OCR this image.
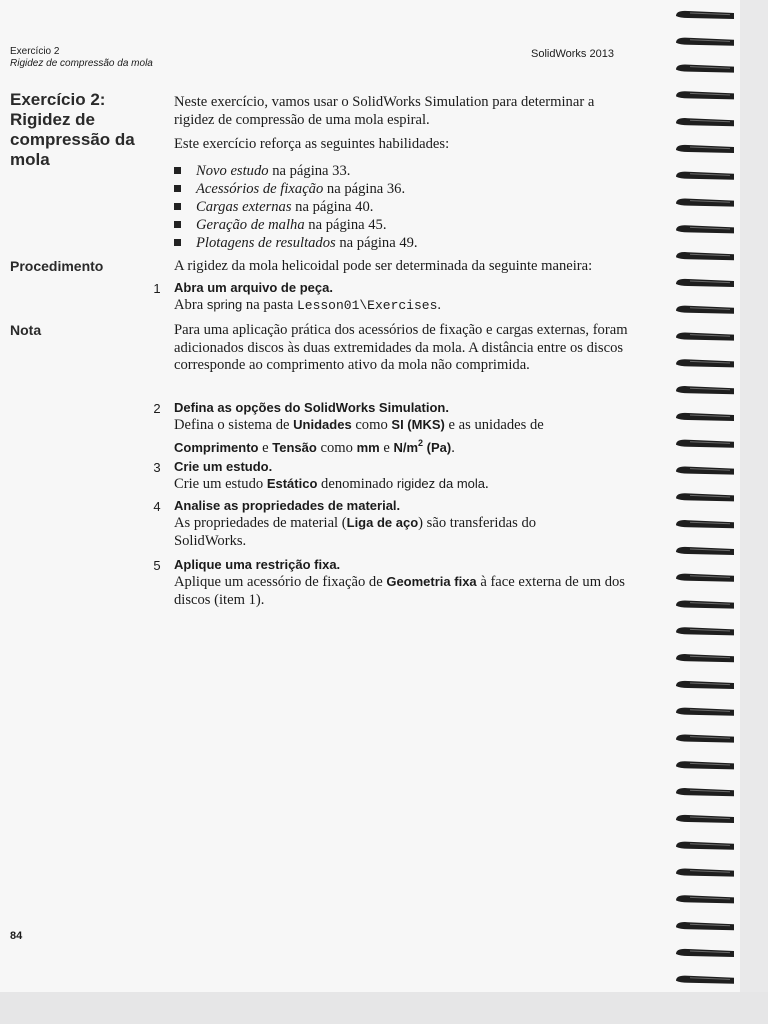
Exercício 2
Rigidez de compressão da mola
SolidWorks 2013
Exercício 2: Rigidez de compressão da mola
Neste exercício, vamos usar o SolidWorks Simulation para determinar a rigidez de compressão de uma mola espiral.
Este exercício reforça as seguintes habilidades:
Novo estudo na página 33.
Acessórios de fixação na página 36.
Cargas externas na página 40.
Geração de malha na página 45.
Plotagens de resultados na página 49.
Procedimento	A rigidez da mola helicoidal pode ser determinada da seguinte maneira:
1 Abra um arquivo de peça.
Abra spring na pasta Lesson01\Exercises.
Nota	Para uma aplicação prática dos acessórios de fixação e cargas externas, foram adicionados discos às duas extremidades da mola. A distância entre os discos corresponde ao comprimento ativo da mola não comprimida.
2 Defina as opções do SolidWorks Simulation.
Defina o sistema de Unidades como SI (MKS) e as unidades de
Comprimento e Tensão como mm e $N/m^2$ (Pa).
3 Crie um estudo.
Crie um estudo Estático denominado rigidez da mola.
4 Analise as propriedades de material.
As propriedades de material (Liga de aço) são transferidas do SolidWorks.
5 Aplique uma restrição fixa.
Aplique um acessório de fixação de Geometria fixa à face externa de um dos discos (item 1).
84
